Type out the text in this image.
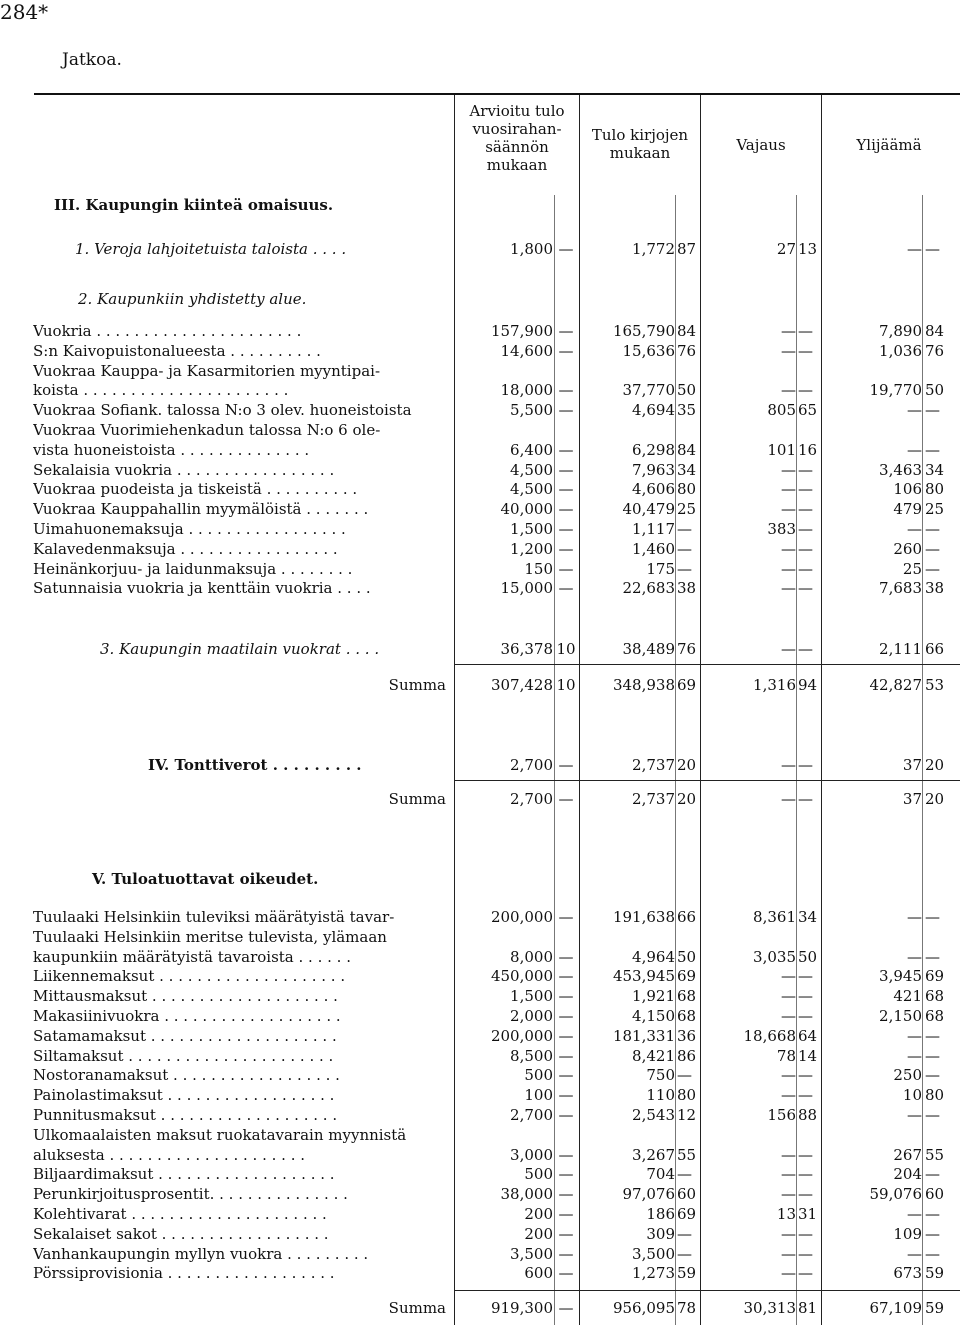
284*
Jatkoa.
Arvioitu tulo vuosirahan-säännön mukaan
Tulo kirjojen mukaan	Vajaus	Ylijäämä
III. Kaupungin kiinteä omaisuus.
1. Veroja lahjoitetuista taloista . . . .	1,800 —	1,772 87	27 13	— —
2. Kaupunkiin yhdistetty alue.
Vuokria . . . . . . . . . . . . . . . . . . . . . .	157,900 —	165,790 84	— —	7,890 84
S:n Kaivopuistonalueesta . . . . . . . . . .	14,600 —	15,636 76	— —	1,036 76
Vuokraa Kauppa- ja Kasarmitorien myyntipai-
koista . . . . . . . . . . . . . . . . . . . . . .	18,000 —	37,770 50	— —	19,770 50
Vuokraa Sofiank. talossa N:o 3 olev. huoneistoista	5,500 —	4,694 35	805 65	— —
Vuokraa Vuorimiehenkadun talossa N:o 6 ole-
vista huoneistoista . . . . . . . . . . . . . .	6,400 —	6,298 84	101 16	— —
Sekalaisia vuokria . . . . . . . . . . . . . . . . .	4,500 —	7,963 34	— —	3,463 34
Vuokraa puodeista ja tiskeistä . . . . . . . . . .	4,500 —	4,606 80	— —	106 80
Vuokraa Kauppahallin myymälöistä . . . . . . .	40,000 —	40,479 25	— —	479 25
Uimahuonemaksuja . . . . . . . . . . . . . . . . .	1,500 —	1,117 —	383 —	— —
Kalavedenmaksuja . . . . . . . . . . . . . . . . .	1,200 —	1,460 —	— —	260 —
Heinänkorjuu- ja laidunmaksuja . . . . . . . .	150 —	175 —	— —	25 —
Satunnaisia vuokria ja kenttäin vuokria . . . .	15,000 —	22,683 38	— —	7,683 38
3. Kaupungin maatilain vuokrat . . . .	36,378 10	38,489 76	— —	2,111 66
Summa	307,428 10	348,938 69	1,316 94	42,827 53
IV. Tonttiverot . . . . . . . . .	2,700 —	2,737 20	— —	37 20
Summa	2,700 —	2,737 20	— —	37 20
V. Tuloatuottavat oikeudet.
Tuulaaki Helsinkiin tuleviksi määrätyistä tavar-	200,000 —	191,638 66	8,361 34	— —
Tuulaaki Helsinkiin meritse tulevista, ylämaan
kaupunkiin määrätyistä tavaroista . . . . . .	8,000 —	4,964 50	3,035 50	— —
Liikennemaksut . . . . . . . . . . . . . . . . . . . .	450,000 —	453,945 69	— —	3,945 69
Mittausmaksut . . . . . . . . . . . . . . . . . . . .	1,500 —	1,921 68	— —	421 68
Makasiinivuokra . . . . . . . . . . . . . . . . . . .	2,000 —	4,150 68	— —	2,150 68
Satamamaksut . . . . . . . . . . . . . . . . . . . .	200,000 —	181,331 36	18,668 64	— —
Siltamaksut . . . . . . . . . . . . . . . . . . . . . .	8,500 —	8,421 86	78 14	— —
Nostoranamaksut . . . . . . . . . . . . . . . . . .	500 —	750 —	— —	250 —
Painolastimaksut . . . . . . . . . . . . . . . . . .	100 —	110 80	— —	10 80
Punnitusmaksut . . . . . . . . . . . . . . . . . . .	2,700 —	2,543 12	156 88	— —
Ulkomaalaisten maksut ruokatavarain myynnistä
aluksesta . . . . . . . . . . . . . . . . . . . . .	3,000 —	3,267 55	— —	267 55
Biljaardimaksut . . . . . . . . . . . . . . . . . . .	500 —	704 —	— —	204 —
Perunkirjoitusprosentit. . . . . . . . . . . . . . .	38,000 —	97,076 60	— —	59,076 60
Kolehtivarat . . . . . . . . . . . . . . . . . . . . .	200 —	186 69	13 31	— —
Sekalaiset sakot . . . . . . . . . . . . . . . . . .	200 —	309 —	— —	109 —
Vanhankaupungin myllyn vuokra . . . . . . . . .	3,500 —	3,500 —	— —	— —
Pörssiprovisionia . . . . . . . . . . . . . . . . . .	600 —	1,273 59	— —	673 59
Summa	919,300 —	956,095 78	30,313 81	67,109 59
